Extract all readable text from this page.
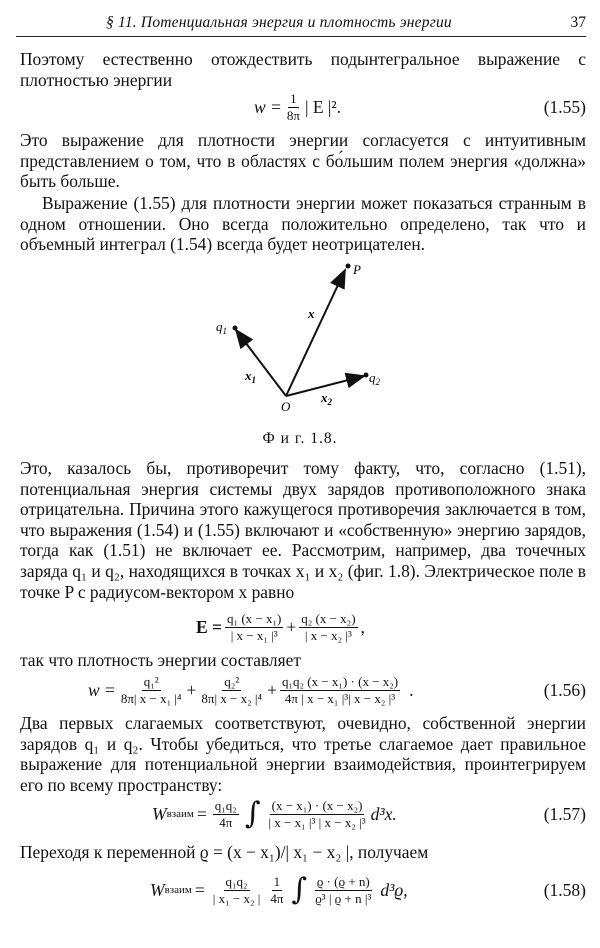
§ 11. Потенциальная энергия и плотность энергии	37

Поэтому естественно отождествить подынтегральное выражение с плотностью энергии

$w = \frac{1}{8\pi}$ | E |².	(1.55)

Это выражение для плотности энергии согласуется с интуитивным представлением о том, что в областях с бо́льшим полем энергия «должна» быть больше.

Выражение (1.55) для плотности энергии может показаться странным в одном отношении. Оно всегда положительно определено, так что и объемный интеграл (1.54) всегда будет неотрицателен.

P
x
$q_1$
$x_1$
O
$x_2$
$q_2$
Ф и г. 1.8.

Это, казалось бы, противоречит тому факту, что, согласно (1.51), потенциальная энергия системы двух зарядов противоположного знака отрицательна. Причина этого кажущегося противоречия заключается в том, что выражения (1.54) и (1.55) включают и «собственную» энергию зарядов, тогда как (1.51) не включает ее. Рассмотрим, например, два точечных заряда q₁ и q₂, находящихся в точках x₁ и x₂ (фиг. 1.8). Электрическое поле в точке P с радиусом-вектором x равно

$E = \frac{\text{q₁ (x − x₁)}}{\text{| x − x₁ |³}} + \frac{\text{q₂ (x − x₂)}}{\text{| x − x₂ |³}}$ ,

так что плотность энергии составляет

$w = \frac{\text{q₁²}}{\text{8π| x − x₁ |⁴}} + \frac{\text{q₂²}}{\text{8π| x − x₂ |⁴}} + \frac{\text{q₁q₂ (x − x₁) · (x − x₂)}}{\text{4π | x − x₁ |³| x − x₂ |³}}$ .	(1.56)

Два первых слагаемых соответствуют, очевидно, собственной энергии зарядов q₁ и q₂. Чтобы убедиться, что третье слагаемое дает правильное выражение для потенциальной энергии взаимодействия, проинтегрируем его по всему пространству:

W взаим = $\frac{\text{q₁q₂}}{4\pi}$ ∫ $\frac{\text{(x − x₁) · (x − x₂)}}{\text{| x − x₁ |³ | x − x₂ |³}} d^3x$.	(1.57)

Переходя к переменной ϱ = (x − x₁)/| x₁ − x₂ |, получаем

W взаим = $\frac{\text{q₁q₂}}{\text{| x₁ − x₂ |}} \frac{1}{4\pi}$ ∫ $\frac{ϱ \cdot (ϱ + n)}{\text{ϱ³ | ϱ + n |³}} d^3ϱ$,	(1.58)
